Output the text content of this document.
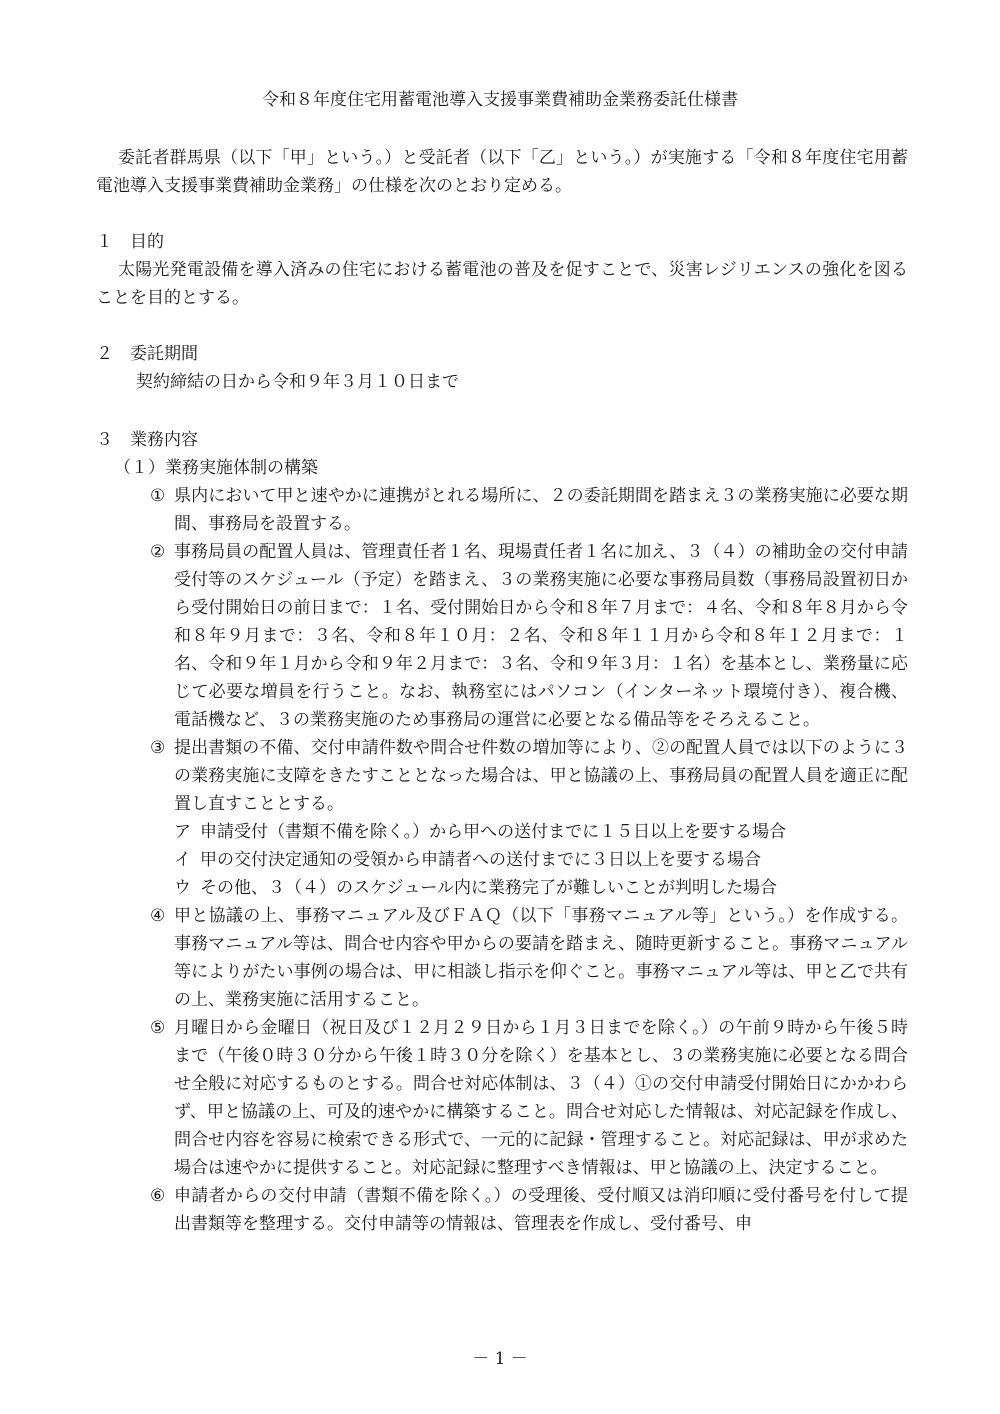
令和８年度住宅用蓄電池導入支援事業費補助金業務委託仕様書

委託者群馬県（以下「甲」という。）と受託者（以下「乙」という。）が実施する「令和８年度住宅用蓄電池導入支援事業費補助金業務」の仕様を次のとおり定める。

１　 目的

太陽光発電設備を導入済みの住宅における蓄電池の普及を促すことで、災害レジリエンスの強化を図ることを目的とする。

２　 委託期間

契約締結の日から令和９年３月１０日まで

３　 業務内容
（１）業務実施体制の構築
① 県内において甲と速やかに連携がとれる場所に、２の委託期間を踏まえ３の業務実施に必要な期間、事務局を設置する。

② 事務局員の配置人員は、管理責任者１名、現場責任者１名に加え、３（４）の補助金の交付申請受付等のスケジュール（予定）を踏まえ、３の業務実施に必要な事務局員数（事務局設置初日から受付開始日の前日まで：１名、受付開始日から令和８年７月まで：４名、令和８年８月から令和８年９月まで：３名、令和８年１０月：２名、令和８年１１月から令和８年１２月まで：１名、令和９年１月から令和９年２月まで：３名、令和９年３月：１名）を基本とし、業務量に応じて必要な増員を行うこと。なお、執務室にはパソコン（インターネット環境付き）、複合機、電話機など、３の業務実施のため事務局の運営に必要となる備品等をそろえること。

③ 提出書類の不備、交付申請件数や問合せ件数の増加等により、②の配置人員では以下のように３の業務実施に支障をきたすこととなった場合は、甲と協議の上、事務局員の配置人員を適正に配置し直すこととする。

ア 申請受付（書類不備を除く。）から甲への送付までに１５日以上を要する場合

イ 甲の交付決定通知の受領から申請者への送付までに３日以上を要する場合

ウ その他、３（４）のスケジュール内に業務完了が難しいことが判明した場合

④ 甲と協議の上、事務マニュアル及びＦＡＱ（以下「事務マニュアル等」という。）を作成する。事務マニュアル等は、問合せ内容や甲からの要請を踏まえ、随時更新すること。事務マニュアル等によりがたい事例の場合は、甲に相談し指示を仰ぐこと。事務マニュアル等は、甲と乙で共有の上、業務実施に活用すること。

⑤ 月曜日から金曜日（祝日及び１２月２９日から１月３日までを除く。）の午前９時から午後５時まで（午後０時３０分から午後１時３０分を除く）を基本とし、３の業務実施に必要となる問合せ全般に対応するものとする。問合せ対応体制は、３（４）①の交付申請受付開始日にかかわらず、甲と協議の上、可及的速やかに構築すること。問合せ対応した情報は、対応記録を作成し、問合せ内容を容易に検索できる形式で、一元的に記録・管理すること。対応記録は、甲が求めた場合は速やかに提供すること。対応記録に整理すべき情報は、甲と協議の上、決定すること。

⑥ 申請者からの交付申請（書類不備を除く。）の受理後、受付順又は消印順に受付番号を付して提出書類等を整理する。交付申請等の情報は、管理表を作成し、受付番号、申

－ 1 －
